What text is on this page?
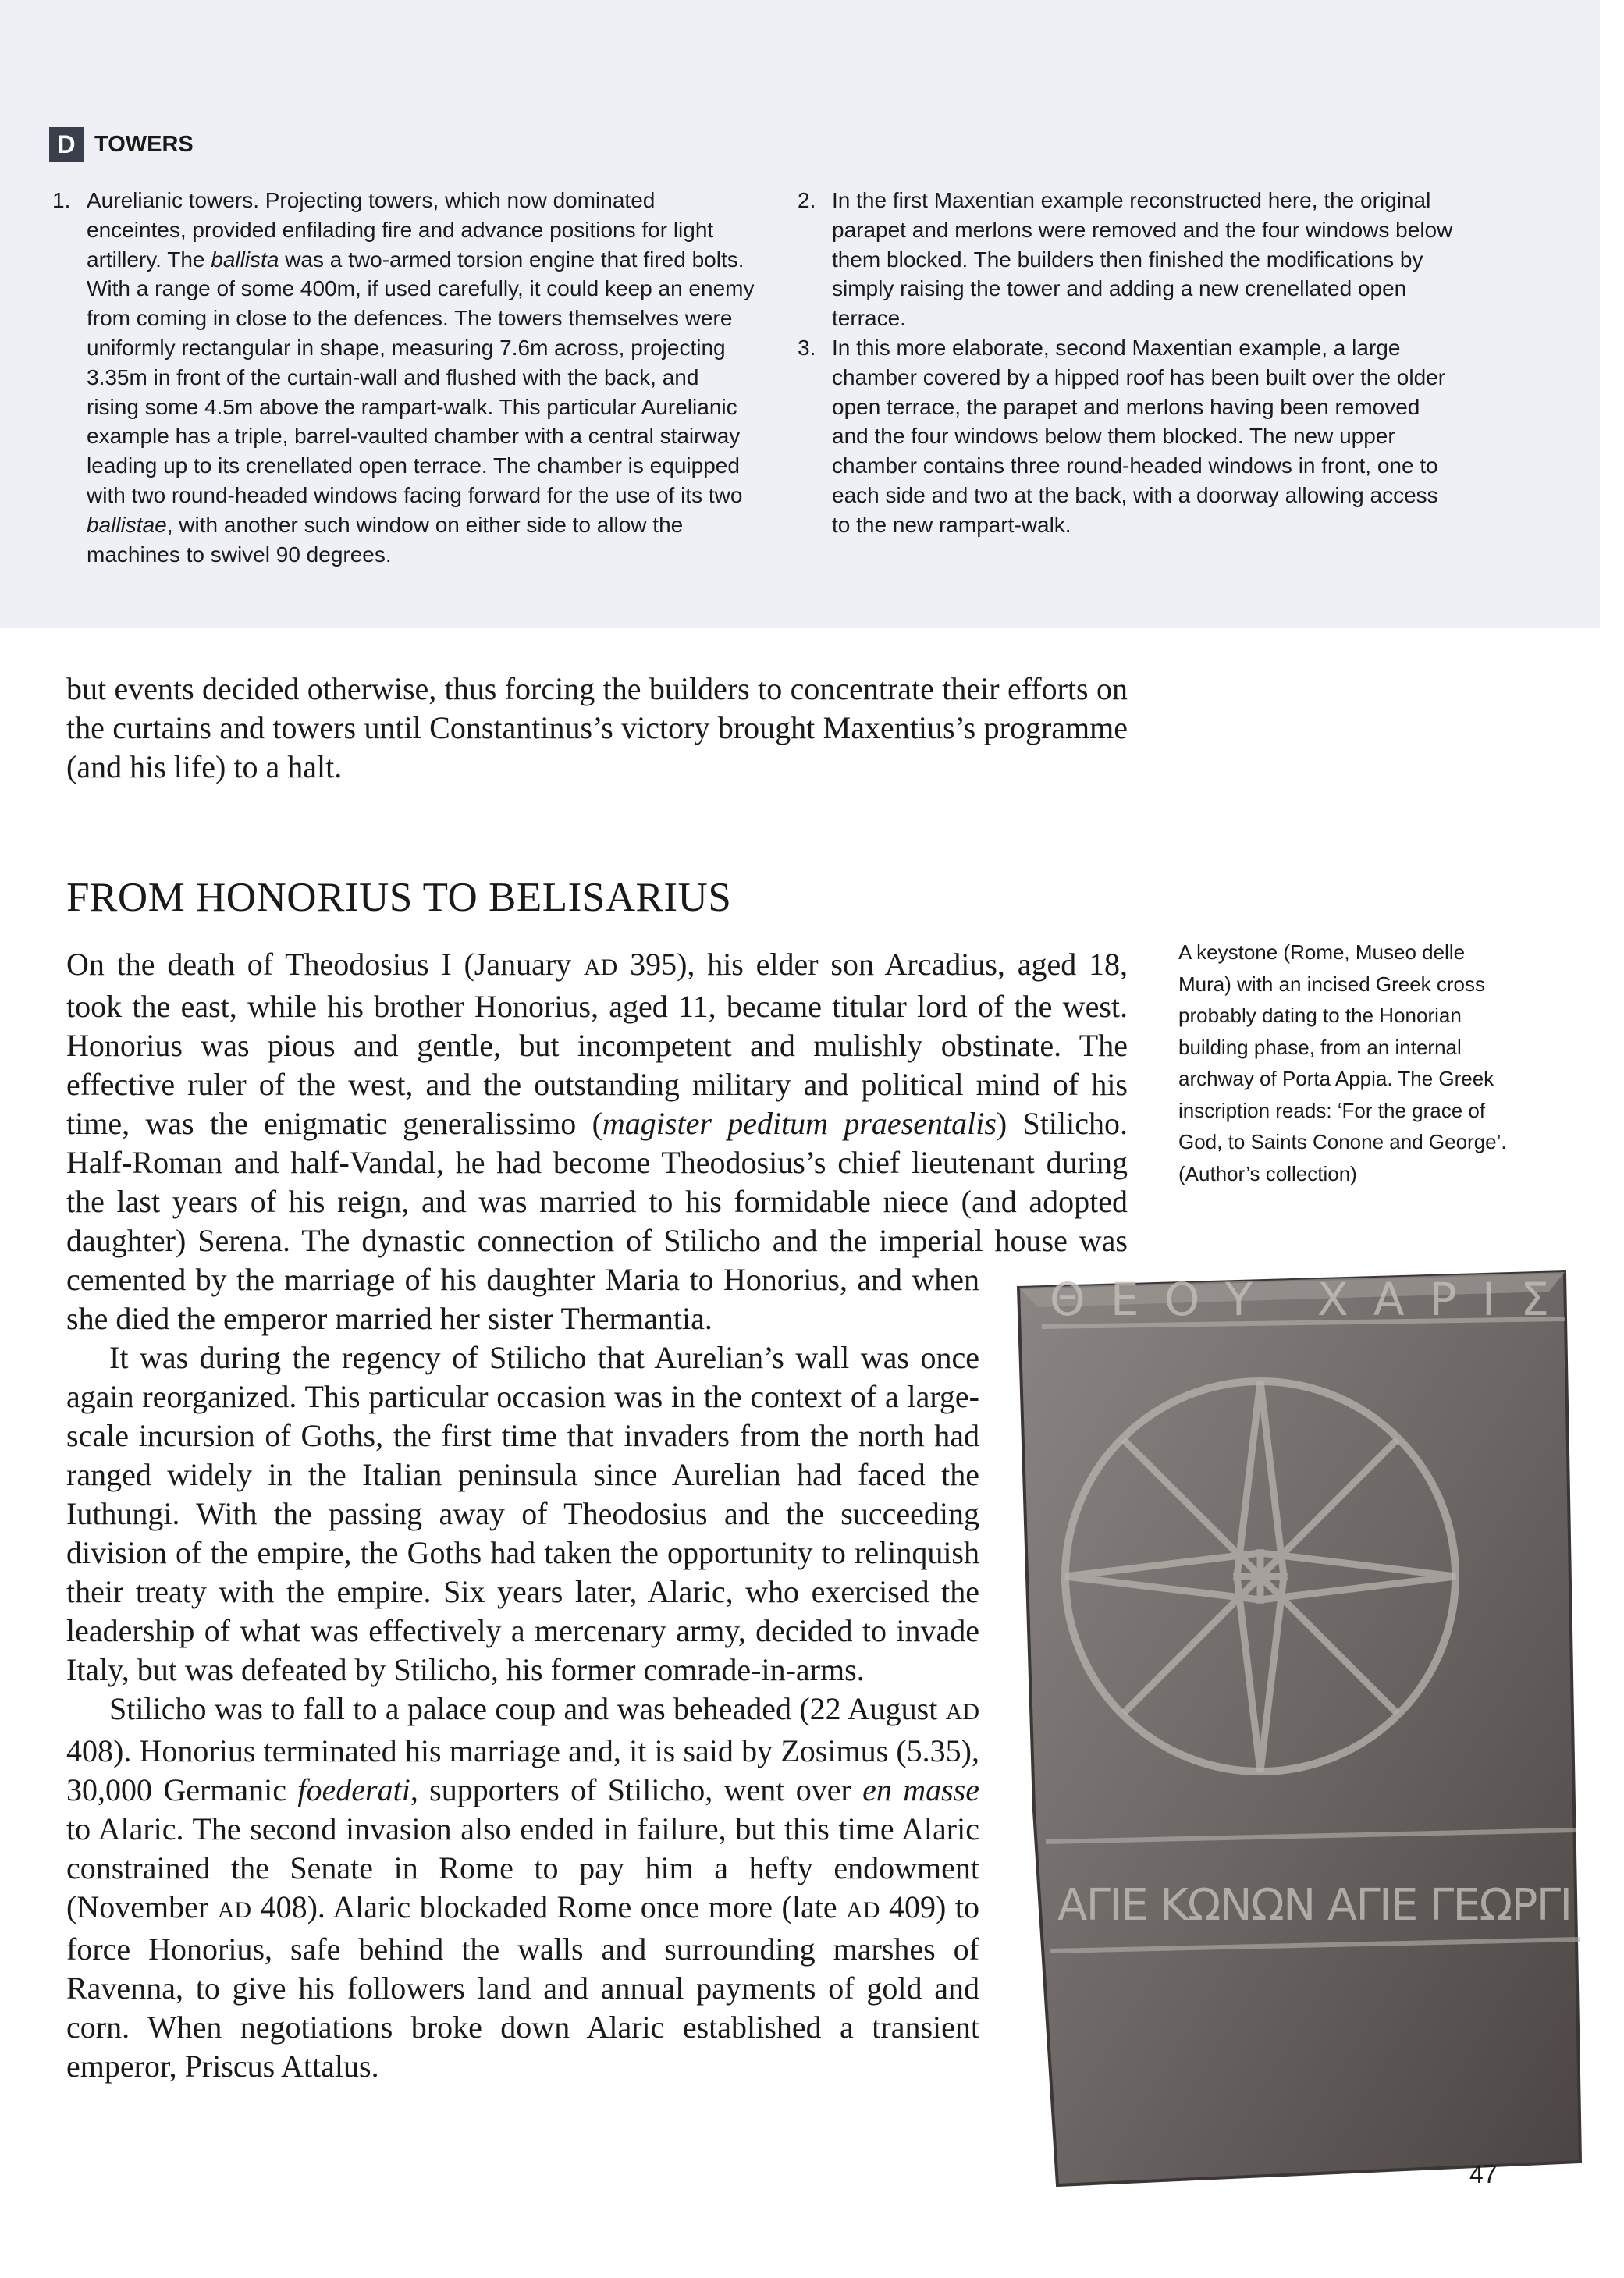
D TOWERS
1. Aurelianic towers. Projecting towers, which now dominated enceintes, provided enfilading fire and advance positions for light artillery. The ballista was a two-armed torsion engine that fired bolts. With a range of some 400m, if used carefully, it could keep an enemy from coming in close to the defences. The towers themselves were uniformly rectangular in shape, measuring 7.6m across, projecting 3.35m in front of the curtain-wall and flushed with the back, and rising some 4.5m above the rampart-walk. This particular Aurelianic example has a triple, barrel-vaulted chamber with a central stairway leading up to its crenellated open terrace. The chamber is equipped with two round-headed windows facing forward for the use of its two ballistae, with another such window on either side to allow the machines to swivel 90 degrees.
2. In the first Maxentian example reconstructed here, the original parapet and merlons were removed and the four windows below them blocked. The builders then finished the modifications by simply raising the tower and adding a new crenellated open terrace.
3. In this more elaborate, second Maxentian example, a large chamber covered by a hipped roof has been built over the older open terrace, the parapet and merlons having been removed and the four windows below them blocked. The new upper chamber contains three round-headed windows in front, one to each side and two at the back, with a doorway allowing access to the new rampart-walk.
but events decided otherwise, thus forcing the builders to concentrate their efforts on the curtains and towers until Constantinus’s victory brought Maxentius’s programme (and his life) to a halt.
FROM HONORIUS TO BELISARIUS

On the death of Theodosius I (January AD 395), his elder son Arcadius, aged 18, took the east, while his brother Honorius, aged 11, became titular lord of the west. Honorius was pious and gentle, but incompetent and mulishly obstinate. The effective ruler of the west, and the outstanding military and political mind of his time, was the enigmatic generalissimo (magister peditum praesentalis) Stilicho. Half-Roman and half-Vandal, he had become Theodosius’s chief lieutenant during the last years of his reign, and was married to his formidable niece (and adopted daughter) Serena. The dynastic connection of Stilicho and the imperial house was cemented by the marriage of his daughter Maria to Honorius, and when she died the emperor married her sister Thermantia.

It was during the regency of Stilicho that Aurelian’s wall was once again reorganized. This particular occasion was in the context of a large-scale incursion of Goths, the first time that invaders from the north had ranged widely in the Italian peninsula since Aurelian had faced the Iuthungi. With the passing away of Theodosius and the succeeding division of the empire, the Goths had taken the opportunity to relinquish their treaty with the empire. Six years later, Alaric, who exercised the leadership of what was effectively a mercenary army, decided to invade Italy, but was defeated by Stilicho, his former comrade-in-arms.

Stilicho was to fall to a palace coup and was beheaded (22 August AD 408). Honorius terminated his marriage and, it is said by Zosimus (5.35), 30,000 Germanic foederati, supporters of Stilicho, went over en masse to Alaric. The second invasion also ended in failure, but this time Alaric constrained the Senate in Rome to pay him a hefty endowment (November AD 408). Alaric blockaded Rome once more (late AD 409) to force Honorius, safe behind the walls and surrounding marshes of Ravenna, to give his followers land and annual payments of gold and corn. When negotiations broke down Alaric established a transient emperor, Priscus Attalus.

A keystone (Rome, Museo delle Mura) with an incised Greek cross probably dating to the Honorian building phase, from an internal archway of Porta Appia. The Greek inscription reads: ‘For the grace of God, to Saints Conone and George’. (Author’s collection)
ΘΕΟΥ ΧΑΡΙΣ
ΑΓΙΕ ΚΩΝΩΝ ΑΓΙΕ ΓΕΩΡΓΙ
47
